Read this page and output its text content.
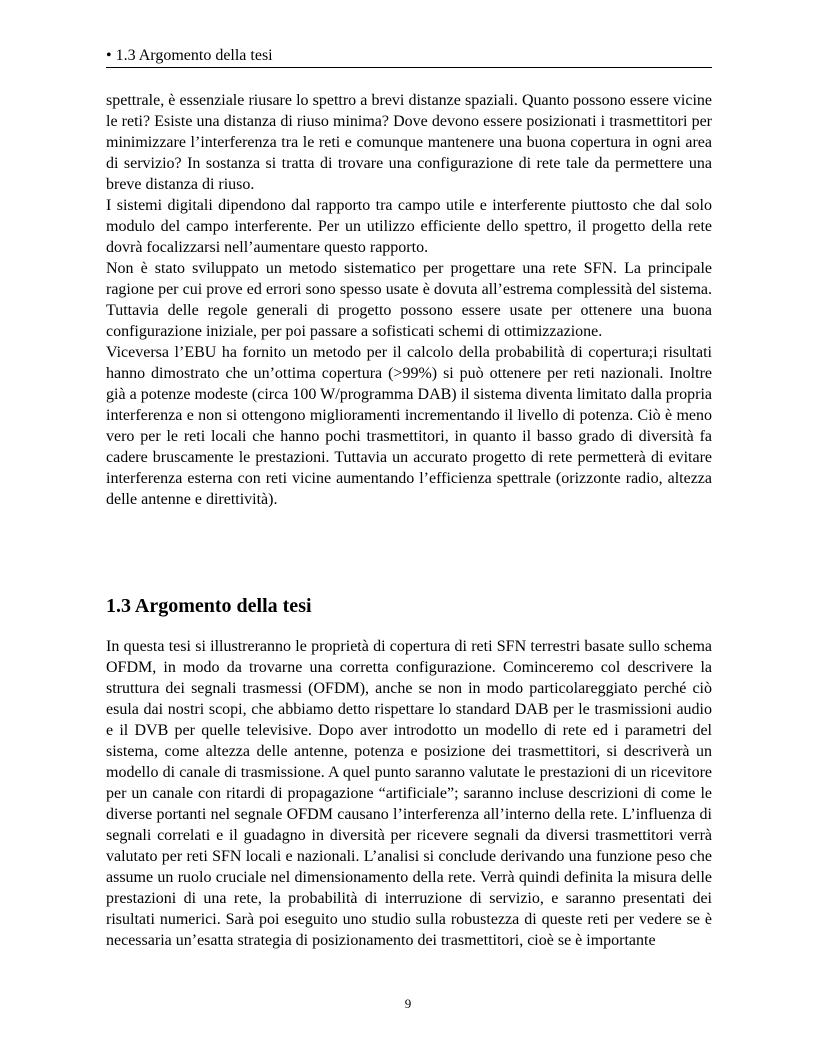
• 1.3 Argomento della tesi

spettrale, è essenziale riusare lo spettro a brevi distanze spaziali. Quanto possono essere vicine le reti? Esiste una distanza di riuso minima? Dove devono essere posizionati i trasmettitori per minimizzare l’interferenza tra le reti e comunque mantenere una buona copertura in ogni area di servizio? In sostanza si tratta di trovare una configurazione di rete tale da permettere una breve distanza di riuso.

I sistemi digitali dipendono dal rapporto tra campo utile e interferente piuttosto che dal solo modulo del campo interferente. Per un utilizzo efficiente dello spettro, il progetto della rete dovrà focalizzarsi nell’aumentare questo rapporto.

Non è stato sviluppato un metodo sistematico per progettare una rete SFN. La principale ragione per cui prove ed errori sono spesso usate è dovuta all’estrema complessità del sistema. Tuttavia delle regole generali di progetto possono essere usate per ottenere una buona configurazione iniziale, per poi passare a sofisticati schemi di ottimizzazione.

Viceversa l’EBU ha fornito un metodo per il calcolo della probabilità di copertura;i risultati hanno dimostrato che un’ottima copertura (>99%) si può ottenere per reti nazionali. Inoltre già a potenze modeste (circa 100 W/programma DAB) il sistema diventa limitato dalla propria interferenza e non si ottengono miglioramenti incrementando il livello di potenza. Ciò è meno vero per le reti locali che hanno pochi trasmettitori, in quanto il basso grado di diversità fa cadere bruscamente le prestazioni. Tuttavia un accurato progetto di rete permetterà di evitare interferenza esterna con reti vicine aumentando l’efficienza spettrale (orizzonte radio, altezza delle antenne e direttività).

1.3 Argomento della tesi

In questa tesi si illustreranno le proprietà di copertura di reti SFN terrestri basate sullo schema OFDM, in modo da trovarne una corretta configurazione. Cominceremo col descrivere la struttura dei segnali trasmessi (OFDM), anche se non in modo particolareggiato perché ciò esula dai nostri scopi, che abbiamo detto rispettare lo standard DAB per le trasmissioni audio e il DVB per quelle televisive. Dopo aver introdotto un modello di rete ed i parametri del sistema, come altezza delle antenne, potenza e posizione dei trasmettitori, si descriverà un modello di canale di trasmissione. A quel punto saranno valutate le prestazioni di un ricevitore per un canale con ritardi di propagazione “artificiale”; saranno incluse descrizioni di come le diverse portanti nel segnale OFDM causano l’interferenza all’interno della rete. L’influenza di segnali correlati e il guadagno in diversità per ricevere segnali da diversi trasmettitori verrà valutato per reti SFN locali e nazionali. L’analisi si conclude derivando una funzione peso che assume un ruolo cruciale nel dimensionamento della rete. Verrà quindi definita la misura delle prestazioni di una rete, la probabilità di interruzione di servizio, e saranno presentati dei risultati numerici. Sarà poi eseguito uno studio sulla robustezza di queste reti per vedere se è necessaria un’esatta strategia di posizionamento dei trasmettitori, cioè se è importante

9
